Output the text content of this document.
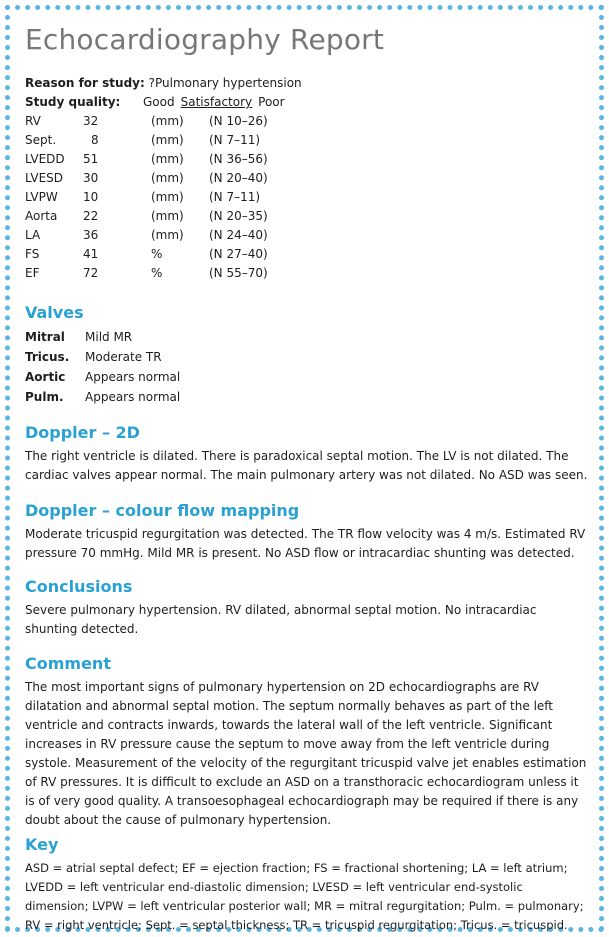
Echocardiography Report
Reason for study: ?Pulmonary hypertension
Study quality: Good Satisfactory Poor
RV	32	(mm)	(N 10–26)
Sept.	8	(mm)	(N 7–11)
LVEDD	51	(mm)	(N 36–56)
LVESD	30	(mm)	(N 20–40)
LVPW	10	(mm)	(N 7–11)
Aorta	22	(mm)	(N 20–35)
LA	36	(mm)	(N 24–40)
FS	41	%	(N 27–40)
EF	72	%	(N 55–70)
Valves
Mitral	Mild MR
Tricus.	Moderate TR
Aortic	Appears normal
Pulm.	Appears normal
Doppler – 2D

The right ventricle is dilated. There is paradoxical septal motion. The LV is not dilated. The cardiac valves appear normal. The main pulmonary artery was not dilated. No ASD was seen.

Doppler – colour flow mapping

Moderate tricuspid regurgitation was detected. The TR flow velocity was 4 m/s. Estimated RV pressure 70 mmHg. Mild MR is present. No ASD flow or intracardiac shunting was detected.

Conclusions

Severe pulmonary hypertension. RV dilated, abnormal septal motion. No intracardiac shunting detected.

Comment

The most important signs of pulmonary hypertension on 2D echocardiographs are RV dilatation and abnormal septal motion. The septum normally behaves as part of the left ventricle and contracts inwards, towards the lateral wall of the left ventricle. Significant increases in RV pressure cause the septum to move away from the left ventricle during systole. Measurement of the velocity of the regurgitant tricuspid valve jet enables estimation of RV pressures. It is difficult to exclude an ASD on a transthoracic echocardiogram unless it is of very good quality. A transoesophageal echocardiograph may be required if there is any doubt about the cause of pulmonary hypertension.

Key

ASD = atrial septal defect; EF = ejection fraction; FS = fractional shortening; LA = left atrium; LVEDD = left ventricular end-diastolic dimension; LVESD = left ventricular end-systolic dimension; LVPW = left ventricular posterior wall; MR = mitral regurgitation; Pulm. = pulmonary; RV = right ventricle; Sept. = septal thickness; TR = tricuspid regurgitation; Tricus. = tricuspid.
